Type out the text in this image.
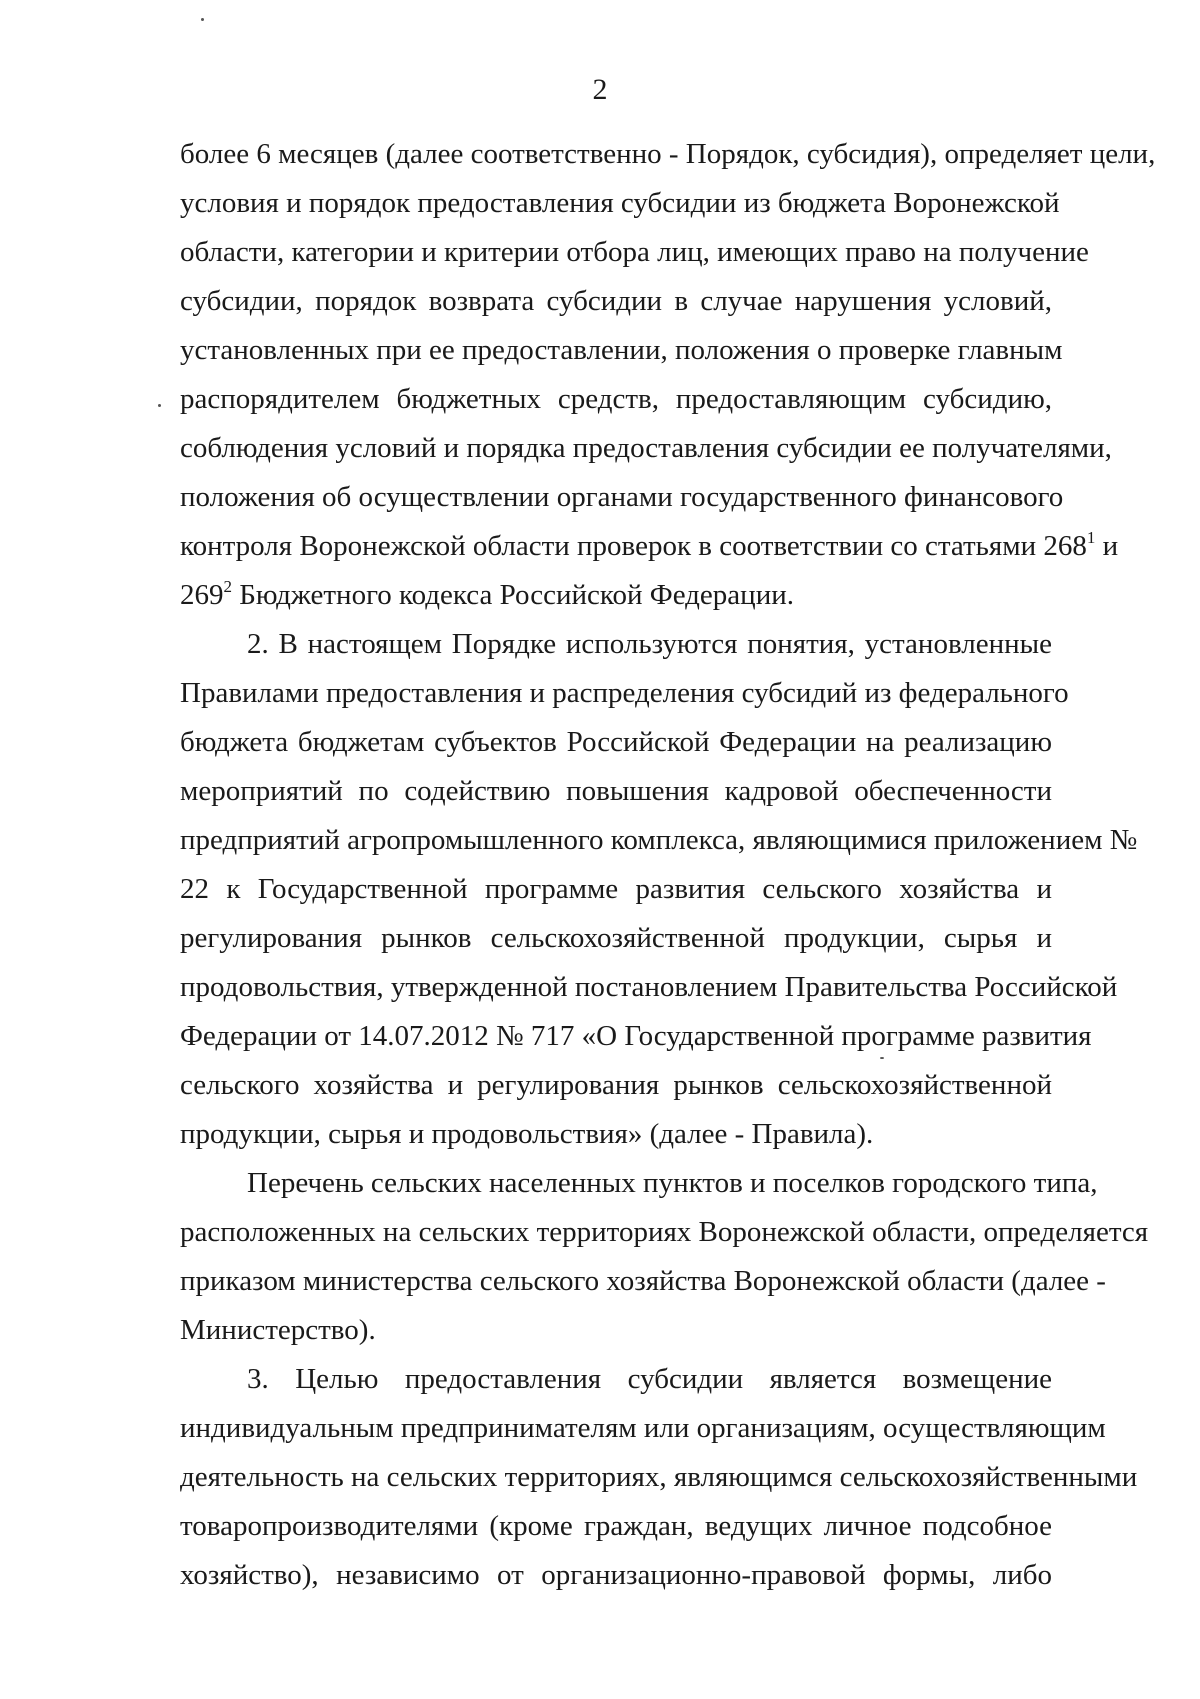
2
более 6 месяцев (далее соответственно - Порядок, субсидия), определяет цели,
условия и порядок предоставления субсидии из бюджета Воронежской
области, категории и критерии отбора лиц, имеющих право на получение
субсидии, порядок возврата субсидии в случае нарушения условий,
установленных при ее предоставлении, положения о проверке главным
распорядителем бюджетных средств, предоставляющим субсидию,
соблюдения условий и порядка предоставления субсидии ее получателями,
положения об осуществлении органами государственного финансового
контроля Воронежской области проверок в соответствии со статьями $268^1$ и
$269^2$ Бюджетного кодекса Российской Федерации.
2. В настоящем Порядке используются понятия, установленные
Правилами предоставления и распределения субсидий из федерального
бюджета бюджетам субъектов Российской Федерации на реализацию
мероприятий по содействию повышения кадровой обеспеченности
предприятий агропромышленного комплекса, являющимися приложением №
22 к Государственной программе развития сельского хозяйства и
регулирования рынков сельскохозяйственной продукции, сырья и
продовольствия, утвержденной постановлением Правительства Российской
Федерации от 14.07.2012 № 717 «О Государственной программе развития
сельского хозяйства и регулирования рынков сельскохозяйственной
продукции, сырья и продовольствия» (далее - Правила).
Перечень сельских населенных пунктов и поселков городского типа,
расположенных на сельских территориях Воронежской области, определяется
приказом министерства сельского хозяйства Воронежской области (далее -
Министерство).
3. Целью предоставления субсидии является возмещение
индивидуальным предпринимателям или организациям, осуществляющим
деятельность на сельских территориях, являющимся сельскохозяйственными
товаропроизводителями (кроме граждан, ведущих личное подсобное
хозяйство), независимо от организационно-правовой формы, либо
